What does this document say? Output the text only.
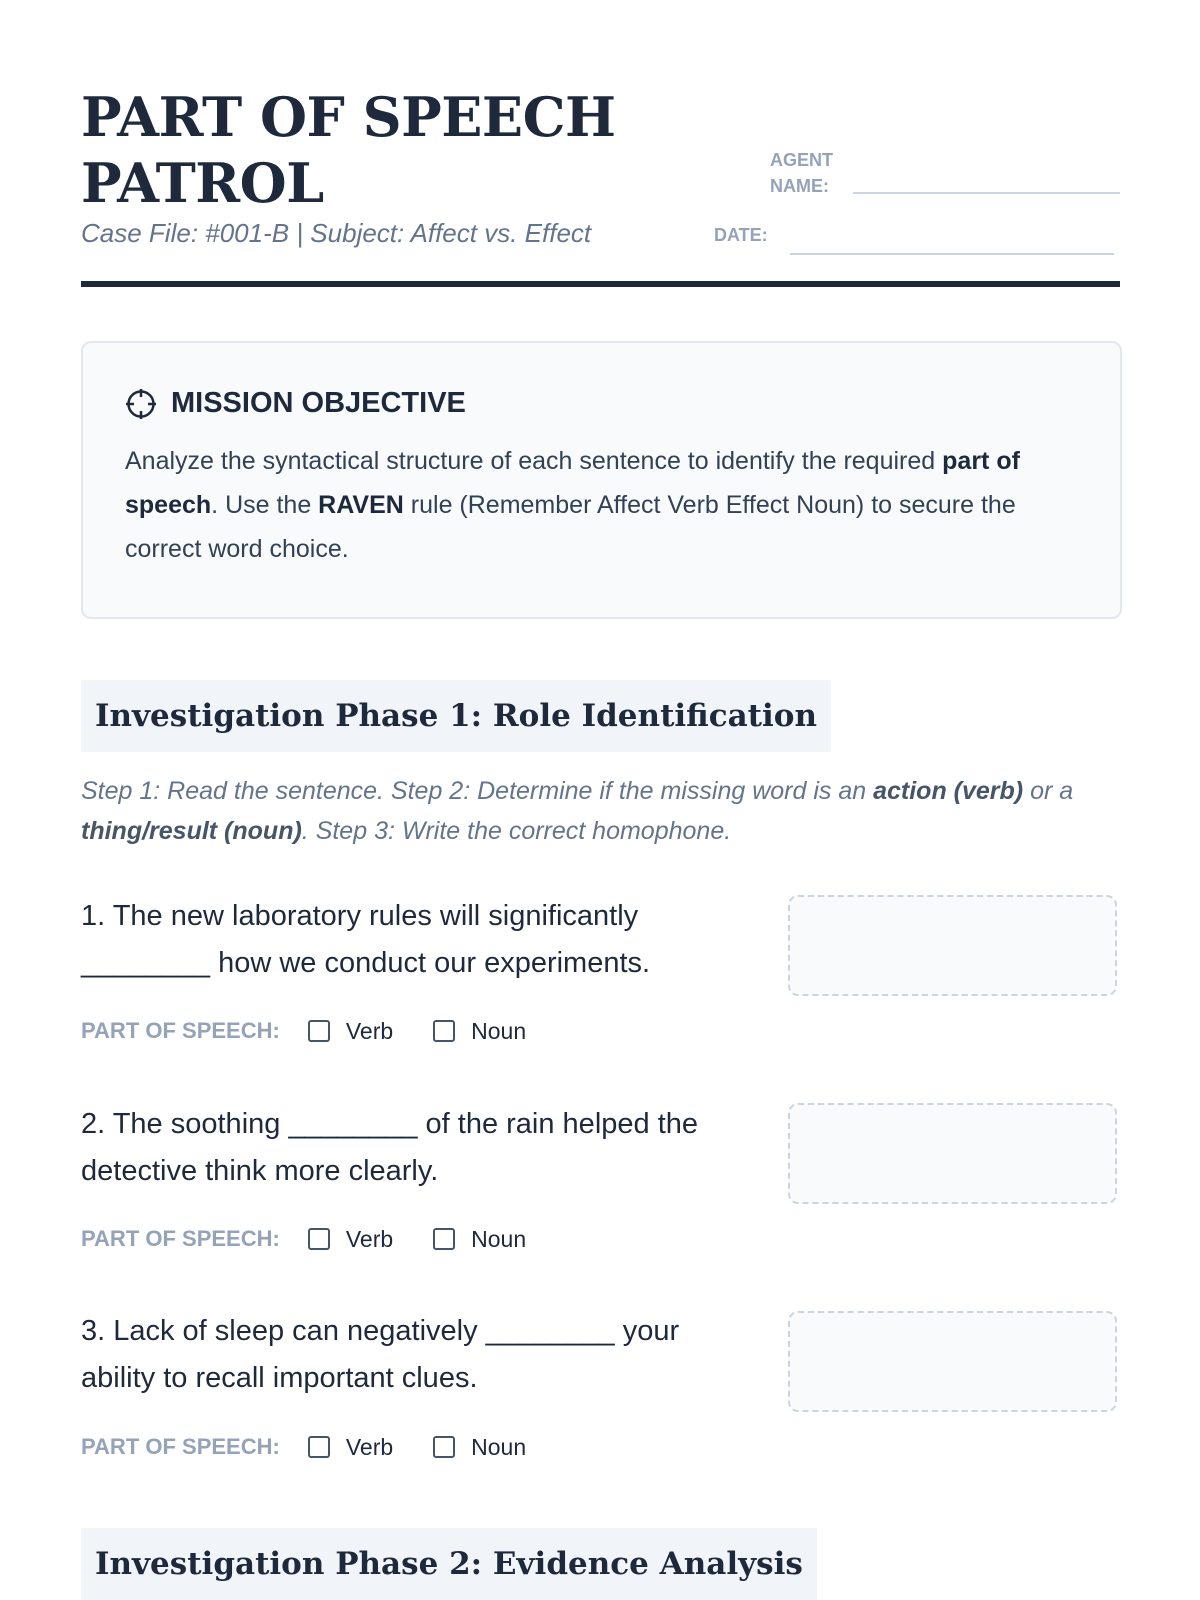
PART OF SPEECH
PATROL
Case File: #001-B | Subject: Affect vs. Effect
AGENT
NAME:
DATE:
MISSION OBJECTIVE
Analyze the syntactical structure of each sentence to identify the required part of speech. Use the RAVEN rule (Remember Affect Verb Effect Noun) to secure the correct word choice.
Investigation Phase 1: Role Identification
Step 1: Read the sentence. Step 2: Determine if the missing word is an action (verb) or a thing/result (noun). Step 3: Write the correct homophone.
1. The new laboratory rules will significantly ________ how we conduct our experiments.
PART OF SPEECH:	Verb	Noun
2. The soothing ________ of the rain helped the detective think more clearly.
PART OF SPEECH:	Verb	Noun
3. Lack of sleep can negatively ________ your ability to recall important clues.
PART OF SPEECH:	Verb	Noun
Investigation Phase 2: Evidence Analysis
